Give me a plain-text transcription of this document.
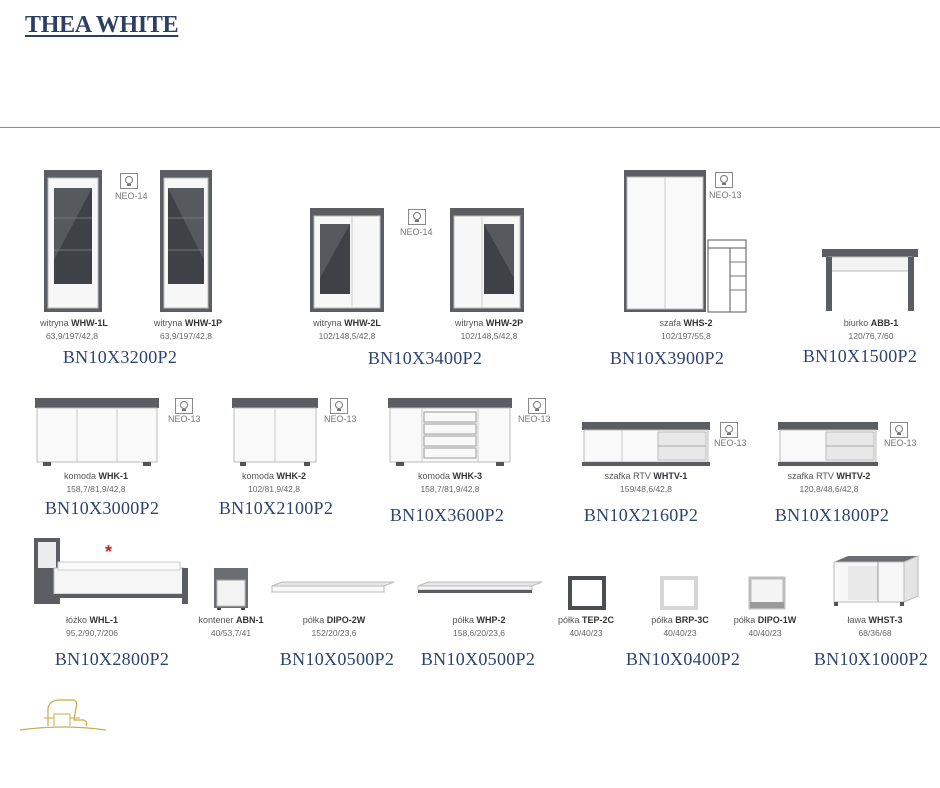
THEA WHITE
NEO-14
witryna WHW-1L
63,9/197/42,8
witryna WHW-1P
63,9/197/42,8
BN10X3200P2
NEO-14
witryna WHW-2L
102/148,5/42,8
witryna WHW-2P
102/148,5/42,8
BN10X3400P2
NEO-13
szafa WHS-2
102/197/55,8
BN10X3900P2
biurko ABB-1
120/76,7/60
BN10X1500P2
NEO-13
komoda WHK-1
158,7/81,9/42,8
BN10X3000P2
NEO-13
komoda WHK-2
102/81,9/42,8
BN10X2100P2
NEO-13
komoda WHK-3
158,7/81,9/42,8
BN10X3600P2
NEO-13
szafka RTV WHTV-1
159/48,6/42,8
BN10X2160P2
NEO-13
szafka RTV WHTV-2
120,8/48,6/42,8
BN10X1800P2
*
łóżko WHL-1
95,2/90,7/206
BN10X2800P2
kontener ABN-1
40/53,7/41
półka DIPO-2W
152/20/23,6
BN10X0500P2
półka WHP-2
158,6/20/23,6
BN10X0500P2
półka TEP-2C
40/40/23
półka BRP-3C
40/40/23
półka DIPO-1W
40/40/23
BN10X0400P2
ława WHST-3
68/36/68
BN10X1000P2
